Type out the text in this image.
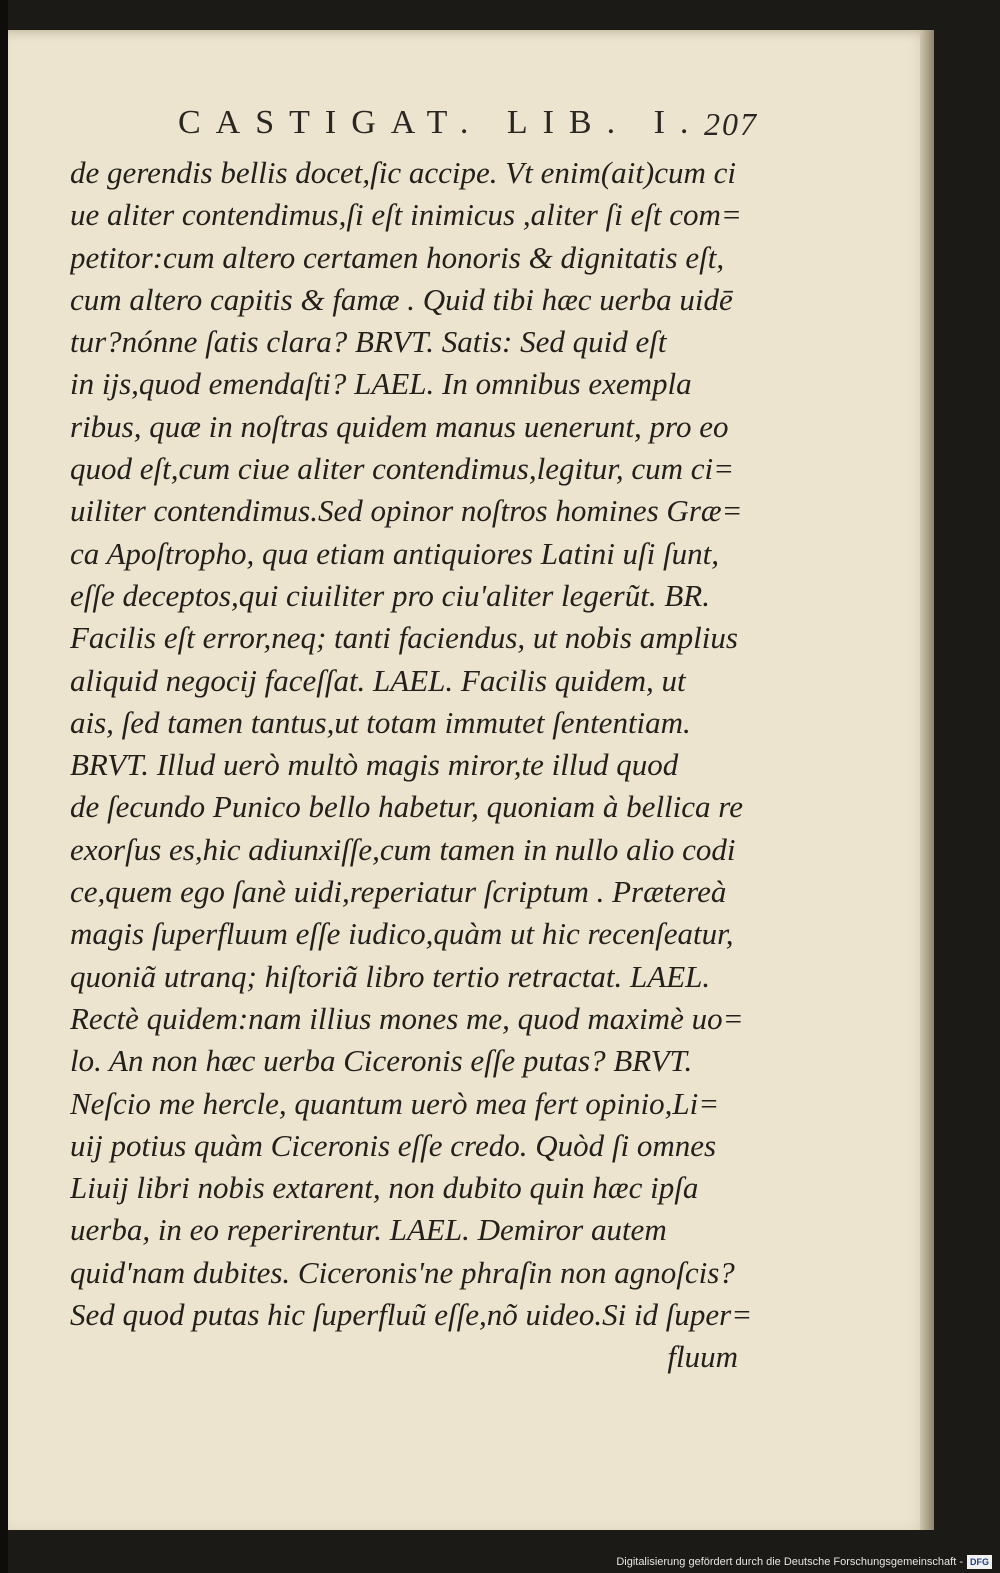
CASTIGAT. LIB. I. 207
de gerendis bellis docet,ſic accipe. Vt enim(ait)cum ci
ue aliter contendimus,ſi eſt inimicus ,aliter ſi eſt com=
petitor:cum altero certamen honoris & dignitatis eſt,
cum altero capitis & famæ . Quid tibi hæc uerba uidē
tur?nónne ſatis clara? BRVT. Satis: Sed quid eſt
in ijs,quod emendaſti? LAEL. In omnibus exempla
ribus, quæ in noſtras quidem manus uenerunt, pro eo
quod eſt,cum ciue aliter contendimus,legitur, cum ci=
uiliter contendimus.Sed opinor noſtros homines Græ=
ca Apoſtropho, qua etiam antiquiores Latini uſi ſunt,
eſſe deceptos,qui ciuiliter pro ciu'aliter legerũt. BR.
Facilis eſt error,neq; tanti faciendus, ut nobis amplius
aliquid negocij faceſſat. LAEL. Facilis quidem, ut
ais, ſed tamen tantus,ut totam immutet ſententiam.
BRVT. Illud uerò multò magis miror,te illud quod
de ſecundo Punico bello habetur, quoniam à bellica re
exorſus es,hic adiunxiſſe,cum tamen in nullo alio codi
ce,quem ego ſanè uidi,reperiatur ſcriptum . Prætereà
magis ſuperfluum eſſe iudico,quàm ut hic recenſeatur,
quoniã utranq; hiſtoriã libro tertio retractat. LAEL.
Rectè quidem:nam illius mones me, quod maximè uo=
lo. An non hæc uerba Ciceronis eſſe putas? BRVT.
Neſcio me hercle, quantum uerò mea fert opinio,Li=
uij potius quàm Ciceronis eſſe credo. Quòd ſi omnes
Liuij libri nobis extarent, non dubito quin hæc ipſa
uerba, in eo reperirentur. LAEL. Demiror autem
quid'nam dubites. Ciceronis'ne phraſin non agnoſcis?
Sed quod putas hic ſuperfluũ eſſe,nõ uideo.Si id ſuper=
fluum
Digitalisierung gefördert durch die Deutsche Forschungsgemeinschaft - DFG
